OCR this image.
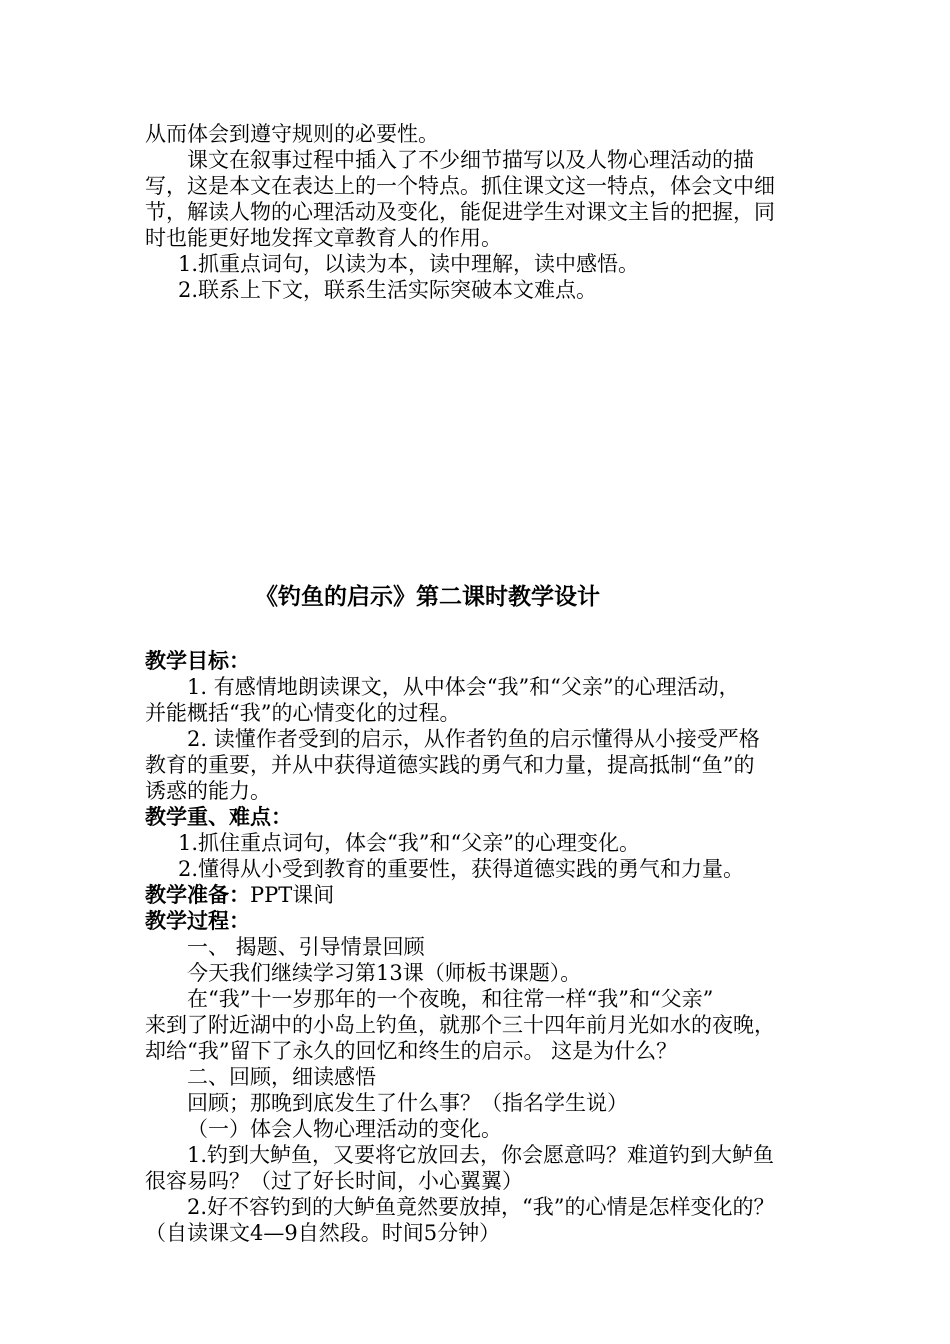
从而体会到遵守规则的必要性。
课文在叙事过程中插入了不少细节描写以及人物心理活动的描
写，这是本文在表达上的一个特点。抓住课文这一特点，体会文中细
节，解读人物的心理活动及变化，能促进学生对课文主旨的把握，同
时也能更好地发挥文章教育人的作用。
1.抓重点词句，以读为本，读中理解，读中感悟。
2.联系上下文，联系生活实际突破本文难点。
《钓鱼的启示》第二课时教学设计
教学目标：
1. 有感情地朗读课文，从中体会“我”和“父亲”的心理活动，
并能概括“我”的心情变化的过程。
2. 读懂作者受到的启示，从作者钓鱼的启示懂得从小接受严格
教育的重要，并从中获得道德实践的勇气和力量，提高抵制“鱼”的
诱惑的能力。
教学重、难点：
1.抓住重点词句，体会“我”和“父亲”的心理变化。
2.懂得从小受到教育的重要性，获得道德实践的勇气和力量。
教学准备：PPT课间
教学过程：
一、 揭题、引导情景回顾
今天我们继续学习第13课（师板书课题）。
在“我”十一岁那年的一个夜晚，和往常一样“我”和“父亲”
来到了附近湖中的小岛上钓鱼，就那个三十四年前月光如水的夜晚，
却给“我”留下了永久的回忆和终生的启示。 这是为什么？
二、回顾，细读感悟
回顾；那晚到底发生了什么事？（指名学生说）
（一）体会人物心理活动的变化。
1.钓到大鲈鱼，又要将它放回去，你会愿意吗？难道钓到大鲈鱼
很容易吗？（过了好长时间，小心翼翼）
2.好不容钓到的大鲈鱼竟然要放掉，“我”的心情是怎样变化的？
（自读课文4—9自然段。时间5分钟）
